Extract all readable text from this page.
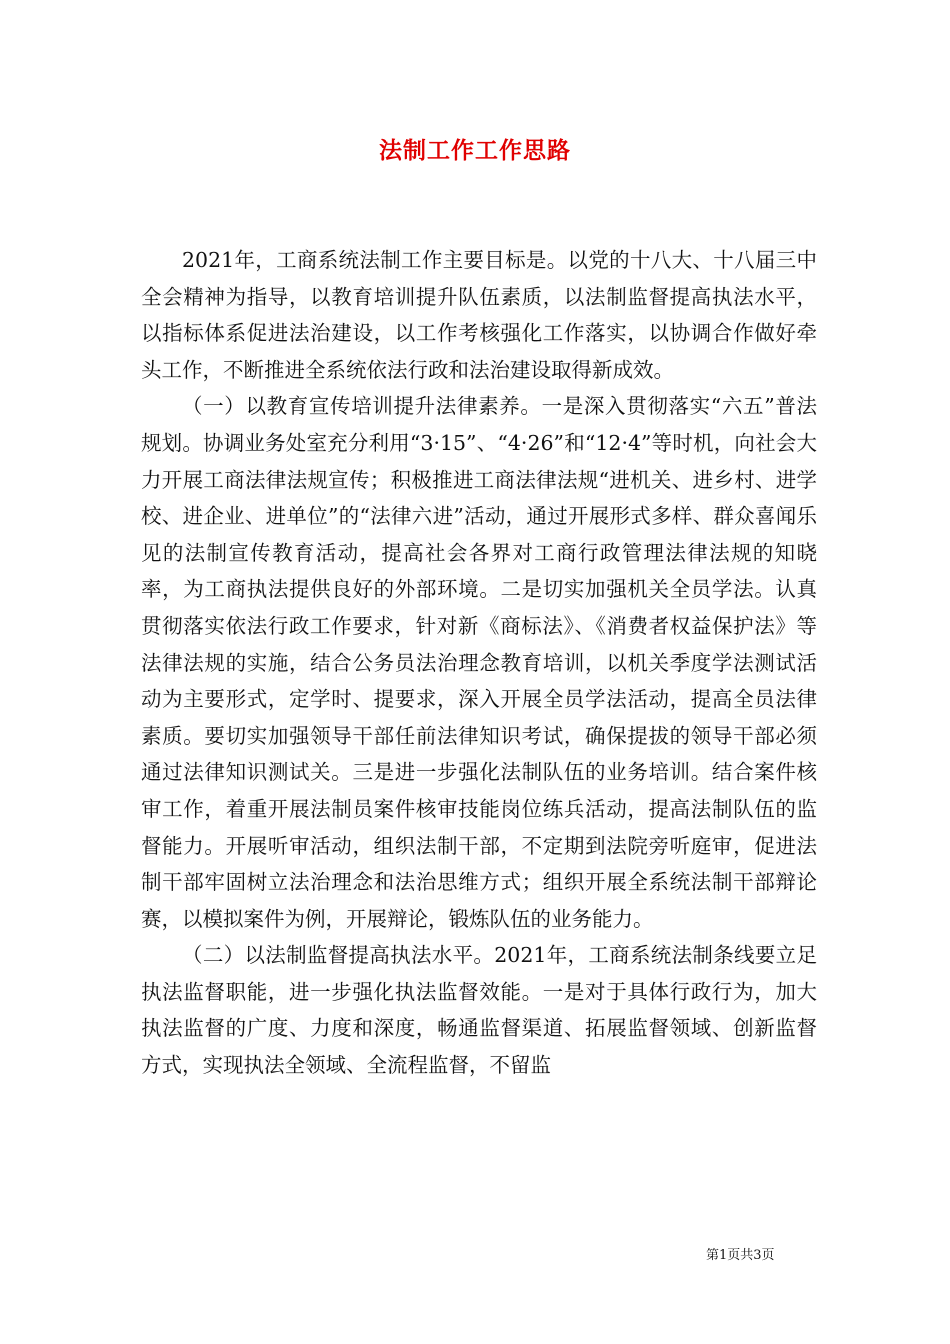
法制工作工作思路

2021年，工商系统法制工作主要目标是。以党的十八大、十八届三中全会精神为指导，以教育培训提升队伍素质，以法制监督提高执法水平，以指标体系促进法治建设，以工作考核强化工作落实，以协调合作做好牵头工作，不断推进全系统依法行政和法治建设取得新成效。

（一）以教育宣传培训提升法律素养。一是深入贯彻落实“六五”普法规划。协调业务处室充分利用“3·15”、“4·26”和“12·4”等时机，向社会大力开展工商法律法规宣传；积极推进工商法律法规“进机关、进乡村、进学校、进企业、进单位”的“法律六进”活动，通过开展形式多样、群众喜闻乐见的法制宣传教育活动，提高社会各界对工商行政管理法律法规的知晓率，为工商执法提供良好的外部环境。二是切实加强机关全员学法。认真贯彻落实依法行政工作要求，针对新《商标法》、《消费者权益保护法》等法律法规的实施，结合公务员法治理念教育培训，以机关季度学法测试活动为主要形式，定学时、提要求，深入开展全员学法活动，提高全员法律素质。要切实加强领导干部任前法律知识考试，确保提拔的领导干部必须通过法律知识测试关。三是进一步强化法制队伍的业务培训。结合案件核审工作，着重开展法制员案件核审技能岗位练兵活动，提高法制队伍的监督能力。开展听审活动，组织法制干部，不定期到法院旁听庭审，促进法制干部牢固树立法治理念和法治思维方式；组织开展全系统法制干部辩论赛，以模拟案件为例，开展辩论，锻炼队伍的业务能力。

（二）以法制监督提高执法水平。2021年，工商系统法制条线要立足执法监督职能，进一步强化执法监督效能。一是对于具体行政行为，加大执法监督的广度、力度和深度，畅通监督渠道、拓展监督领域、创新监督方式，实现执法全领域、全流程监督，不留监

第1页共3页
